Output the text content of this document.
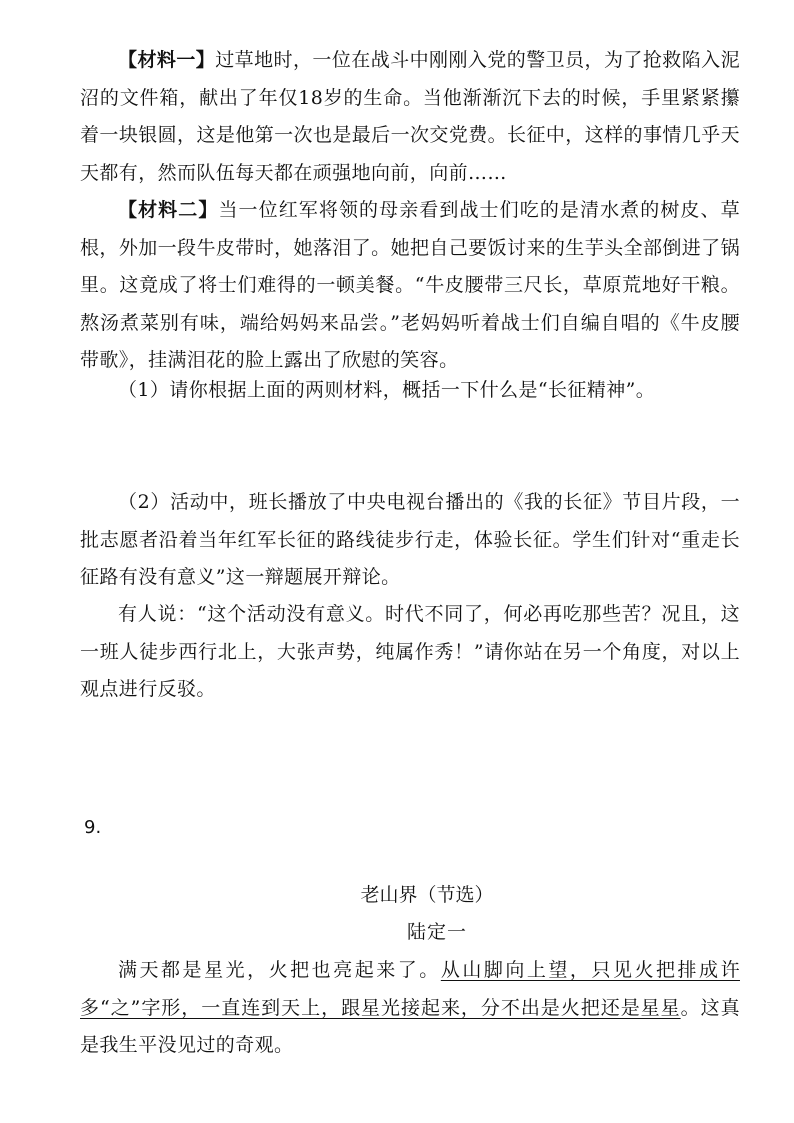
【材料一】过草地时，一位在战斗中刚刚入党的警卫员，为了抢救陷入泥沼的文件箱，献出了年仅18岁的生命。当他渐渐沉下去的时候，手里紧紧攥着一块银圆，这是他第一次也是最后一次交党费。长征中，这样的事情几乎天天都有，然而队伍每天都在顽强地向前，向前……

【材料二】当一位红军将领的母亲看到战士们吃的是清水煮的树皮、草根，外加一段牛皮带时，她落泪了。她把自己要饭讨来的生芋头全部倒进了锅里。这竟成了将士们难得的一顿美餐。“牛皮腰带三尺长，草原荒地好干粮。熬汤煮菜别有味，端给妈妈来品尝。”老妈妈听着战士们自编自唱的《牛皮腰带歌》，挂满泪花的脸上露出了欣慰的笑容。

（1）请你根据上面的两则材料，概括一下什么是“长征精神”。

（2）活动中，班长播放了中央电视台播出的《我的长征》节目片段，一批志愿者沿着当年红军长征的路线徒步行走，体验长征。学生们针对“重走长征路有没有意义”这一辩题展开辩论。

有人说：“这个活动没有意义。时代不同了，何必再吃那些苦？况且，这一班人徒步西行北上，大张声势，纯属作秀！”请你站在另一个角度，对以上观点进行反驳。

9.
老山界（节选）
陆定一

满天都是星光，火把也亮起来了。从山脚向上望，只见火把排成许多“之”字形，一直连到天上，跟星光接起来，分不出是火把还是星星。这真是我生平没见过的奇观。
